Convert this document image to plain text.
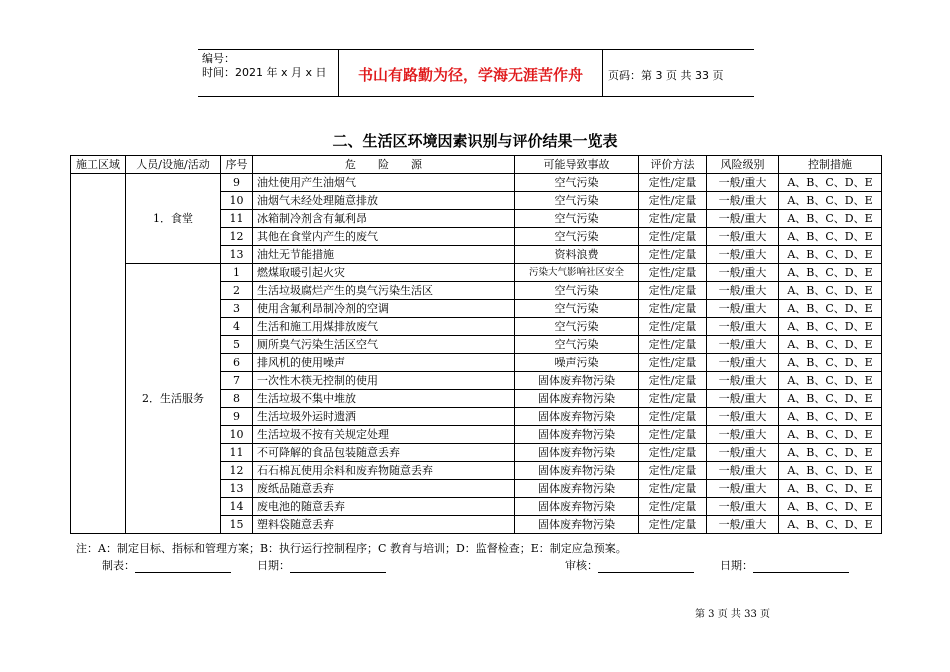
编号：
时间：2021 年 x 月 x 日	书山有路勤为径，学海无涯苦作舟	页码：第 3 页 共 33 页
二、生活区环境因素识别与评价结果一览表
施工区域	人员/设施/活动	序号	危　　险　　源	可能导致事故	评价方法	风险级别	控制措施
	1．食堂	9	油灶使用产生油烟气	空气污染	定性/定量	一般/重大	A、B、C、D、E
		10	油烟气未经处理随意排放	空气污染	定性/定量	一般/重大	A、B、C、D、E
		11	冰箱制冷剂含有氟利昂	空气污染	定性/定量	一般/重大	A、B、C、D、E
		12	其他在食堂内产生的废气	空气污染	定性/定量	一般/重大	A、B、C、D、E
		13	油灶无节能措施	资料浪费	定性/定量	一般/重大	A、B、C、D、E
	2．生活服务	1	燃煤取暖引起火灾	污染大气影响社区安全	定性/定量	一般/重大	A、B、C、D、E
		2	生活垃圾腐烂产生的臭气污染生活区	空气污染	定性/定量	一般/重大	A、B、C、D、E
		3	使用含氟利昂制冷剂的空调	空气污染	定性/定量	一般/重大	A、B、C、D、E
		4	生活和施工用煤排放废气	空气污染	定性/定量	一般/重大	A、B、C、D、E
		5	厕所臭气污染生活区空气	空气污染	定性/定量	一般/重大	A、B、C、D、E
		6	排风机的使用噪声	噪声污染	定性/定量	一般/重大	A、B、C、D、E
		7	一次性木筷无控制的使用	固体废弃物污染	定性/定量	一般/重大	A、B、C、D、E
		8	生活垃圾不集中堆放	固体废弃物污染	定性/定量	一般/重大	A、B、C、D、E
		9	生活垃圾外运时遗洒	固体废弃物污染	定性/定量	一般/重大	A、B、C、D、E
		10	生活垃圾不按有关规定处理	固体废弃物污染	定性/定量	一般/重大	A、B、C、D、E
		11	不可降解的食品包装随意丢弃	固体废弃物污染	定性/定量	一般/重大	A、B、C、D、E
		12	石石棉瓦使用余料和废弃物随意丢弃	固体废弃物污染	定性/定量	一般/重大	A、B、C、D、E
		13	废纸品随意丢弃	固体废弃物污染	定性/定量	一般/重大	A、B、C、D、E
		14	废电池的随意丢弃	固体废弃物污染	定性/定量	一般/重大	A、B、C、D、E
		15	塑料袋随意丢弃	固体废弃物污染	定性/定量	一般/重大	A、B、C、D、E
注：A：制定目标、指标和管理方案；B：执行运行控制程序；C 教育与培训；D：监督检查；E：制定应急预案。
制表：	日期：	审核：	日期：
第 3 页 共 33 页
